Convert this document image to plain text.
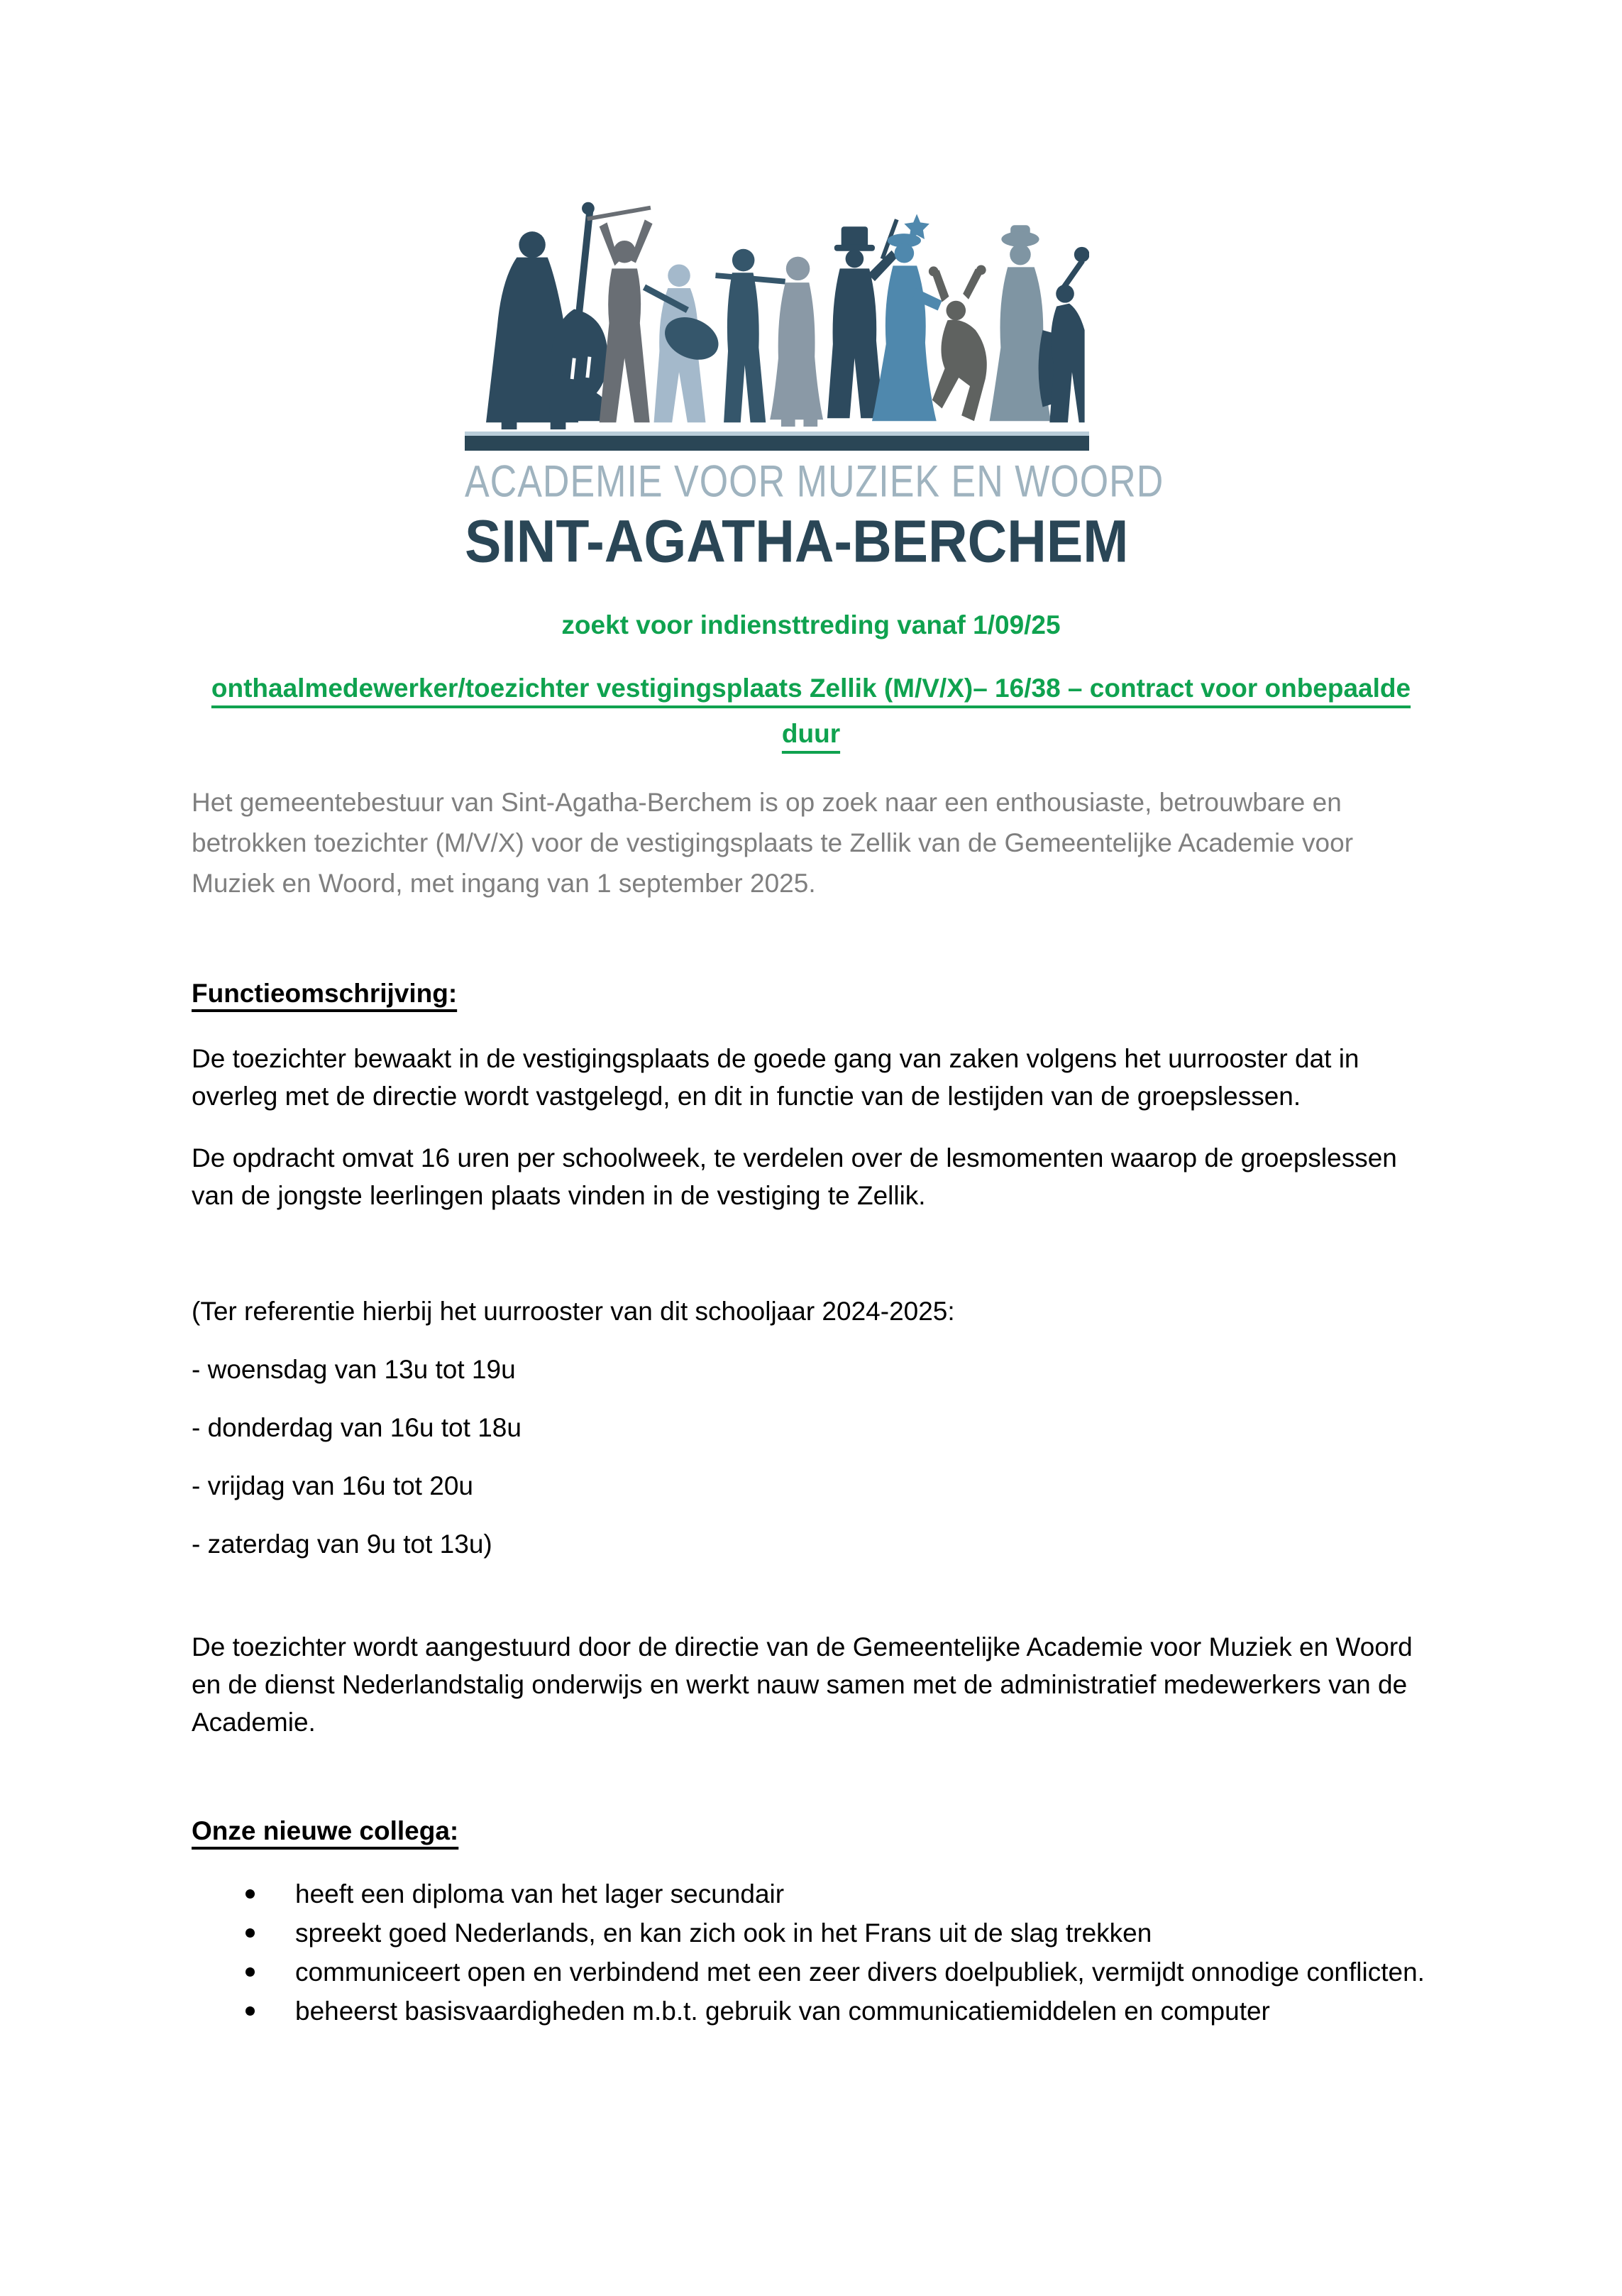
ACADEMIE VOOR MUZIEK EN WOORD
SINT-AGATHA-BERCHEM

zoekt voor indiensttreding vanaf 1/09/25

onthaalmedewerker/toezichter vestigingsplaats Zellik (M/V/X)– 16/38 – contract voor onbepaalde duur

Het gemeentebestuur van Sint-Agatha-Berchem is op zoek naar een enthousiaste, betrouwbare en betrokken toezichter (M/V/X) voor de vestigingsplaats te Zellik van de Gemeentelijke Academie voor Muziek en Woord, met ingang van 1 september 2025.

Functieomschrijving:

De toezichter bewaakt in de vestigingsplaats de goede gang van zaken volgens het uurrooster dat in overleg met de directie wordt vastgelegd, en dit in functie van de lestijden van de groepslessen.

De opdracht omvat 16 uren per schoolweek, te verdelen over de lesmomenten waarop de groepslessen van de jongste leerlingen plaats vinden in de vestiging te Zellik.

(Ter referentie hierbij het uurrooster van dit schooljaar 2024-2025:

- woensdag van 13u tot 19u

- donderdag van 16u tot 18u

- vrijdag van 16u tot 20u

- zaterdag van 9u tot 13u)

De toezichter wordt aangestuurd door de directie van de Gemeentelijke Academie voor Muziek en Woord en de dienst Nederlandstalig onderwijs en werkt nauw samen met de administratief medewerkers van de Academie.

Onze nieuwe collega:
heeft een diploma van het lager secundair
spreekt goed Nederlands, en kan zich ook in het Frans uit de slag trekken
communiceert open en verbindend met een zeer divers doelpubliek, vermijdt onnodige conflicten.
beheerst basisvaardigheden m.b.t. gebruik van communicatiemiddelen en computer
